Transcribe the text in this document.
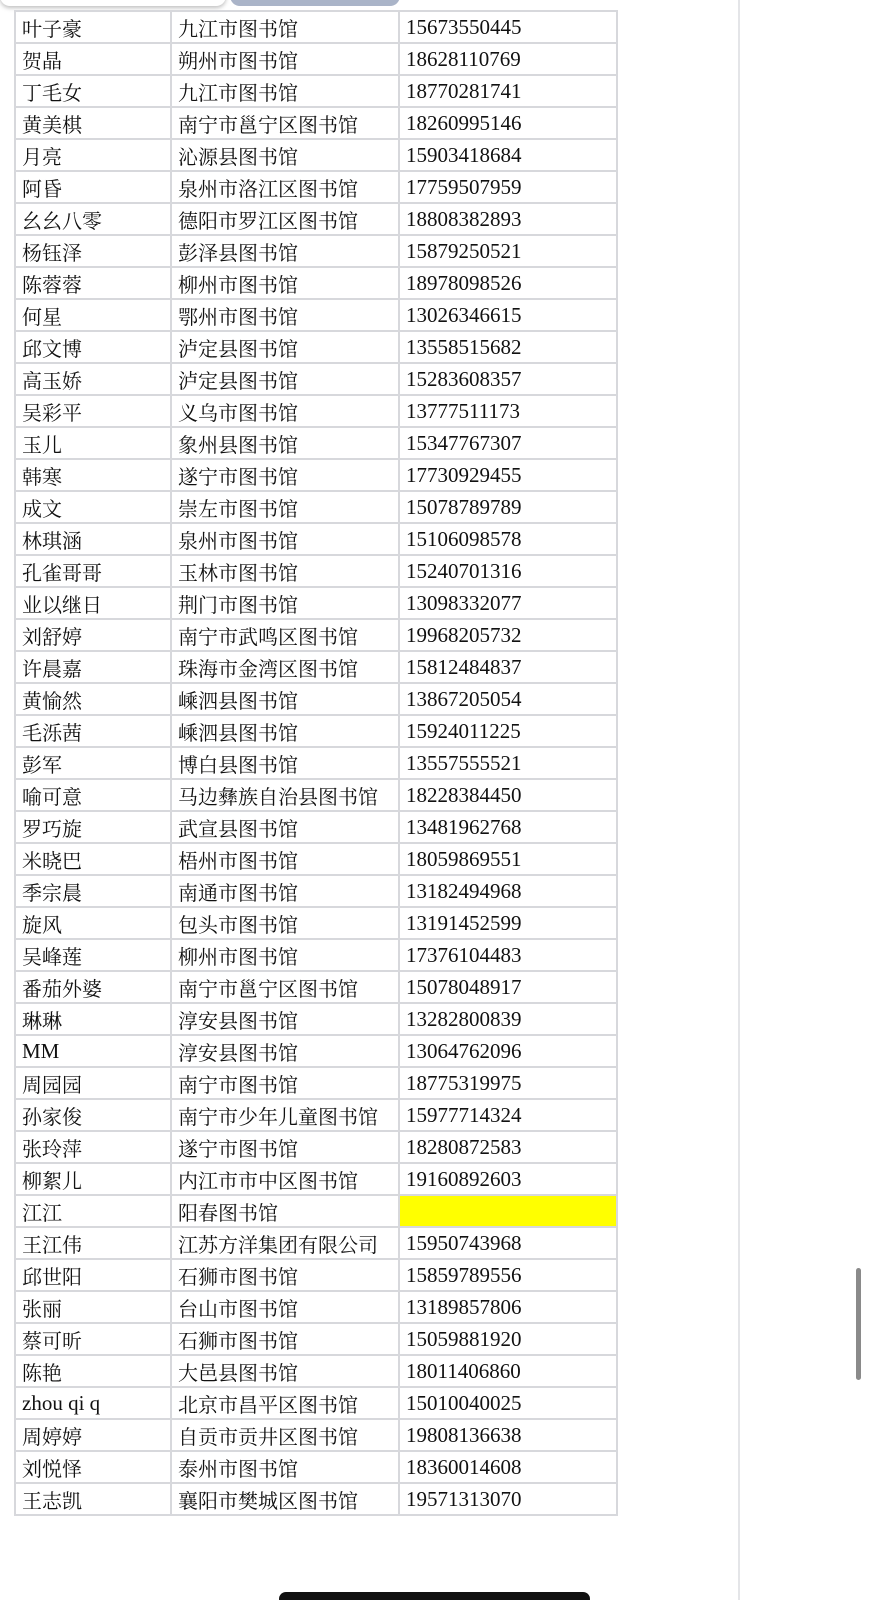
叶子豪	九江市图书馆	15673550445
贺晶	朔州市图书馆	18628110769
丁毛女	九江市图书馆	18770281741
黄美棋	南宁市邕宁区图书馆	18260995146
月亮	沁源县图书馆	15903418684
阿昏	泉州市洛江区图书馆	17759507959
幺幺八零	德阳市罗江区图书馆	18808382893
杨钰泽	彭泽县图书馆	15879250521
陈蓉蓉	柳州市图书馆	18978098526
何星	鄂州市图书馆	13026346615
邱文博	泸定县图书馆	13558515682
高玉娇	泸定县图书馆	15283608357
吴彩平	义乌市图书馆	13777511173
玉儿	象州县图书馆	15347767307
韩寒	遂宁市图书馆	17730929455
成文	崇左市图书馆	15078789789
林琪涵	泉州市图书馆	15106098578
孔雀哥哥	玉林市图书馆	15240701316
业以继日	荆门市图书馆	13098332077
刘舒婷	南宁市武鸣区图书馆	19968205732
许晨嘉	珠海市金湾区图书馆	15812484837
黄愉然	嵊泗县图书馆	13867205054
毛泺茜	嵊泗县图书馆	15924011225
彭军	博白县图书馆	13557555521
喻可意	马边彝族自治县图书馆	18228384450
罗巧旋	武宣县图书馆	13481962768
米晓巴	梧州市图书馆	18059869551
季宗晨	南通市图书馆	13182494968
旋风	包头市图书馆	13191452599
吴峰莲	柳州市图书馆	17376104483
番茄外婆	南宁市邕宁区图书馆	15078048917
琳琳	淳安县图书馆	13282800839
MM	淳安县图书馆	13064762096
周园园	南宁市图书馆	18775319975
孙家俊	南宁市少年儿童图书馆	15977714324
张玲萍	遂宁市图书馆	18280872583
柳絮儿	内江市市中区图书馆	19160892603
江江	阳春图书馆	
王江伟	江苏方洋集团有限公司	15950743968
邱世阳	石狮市图书馆	15859789556
张丽	台山市图书馆	13189857806
蔡可昕	石狮市图书馆	15059881920
陈艳	大邑县图书馆	18011406860
zhou qi q	北京市昌平区图书馆	15010040025
周婷婷	自贡市贡井区图书馆	19808136638
刘悦怿	泰州市图书馆	18360014608
王志凯	襄阳市樊城区图书馆	19571313070
